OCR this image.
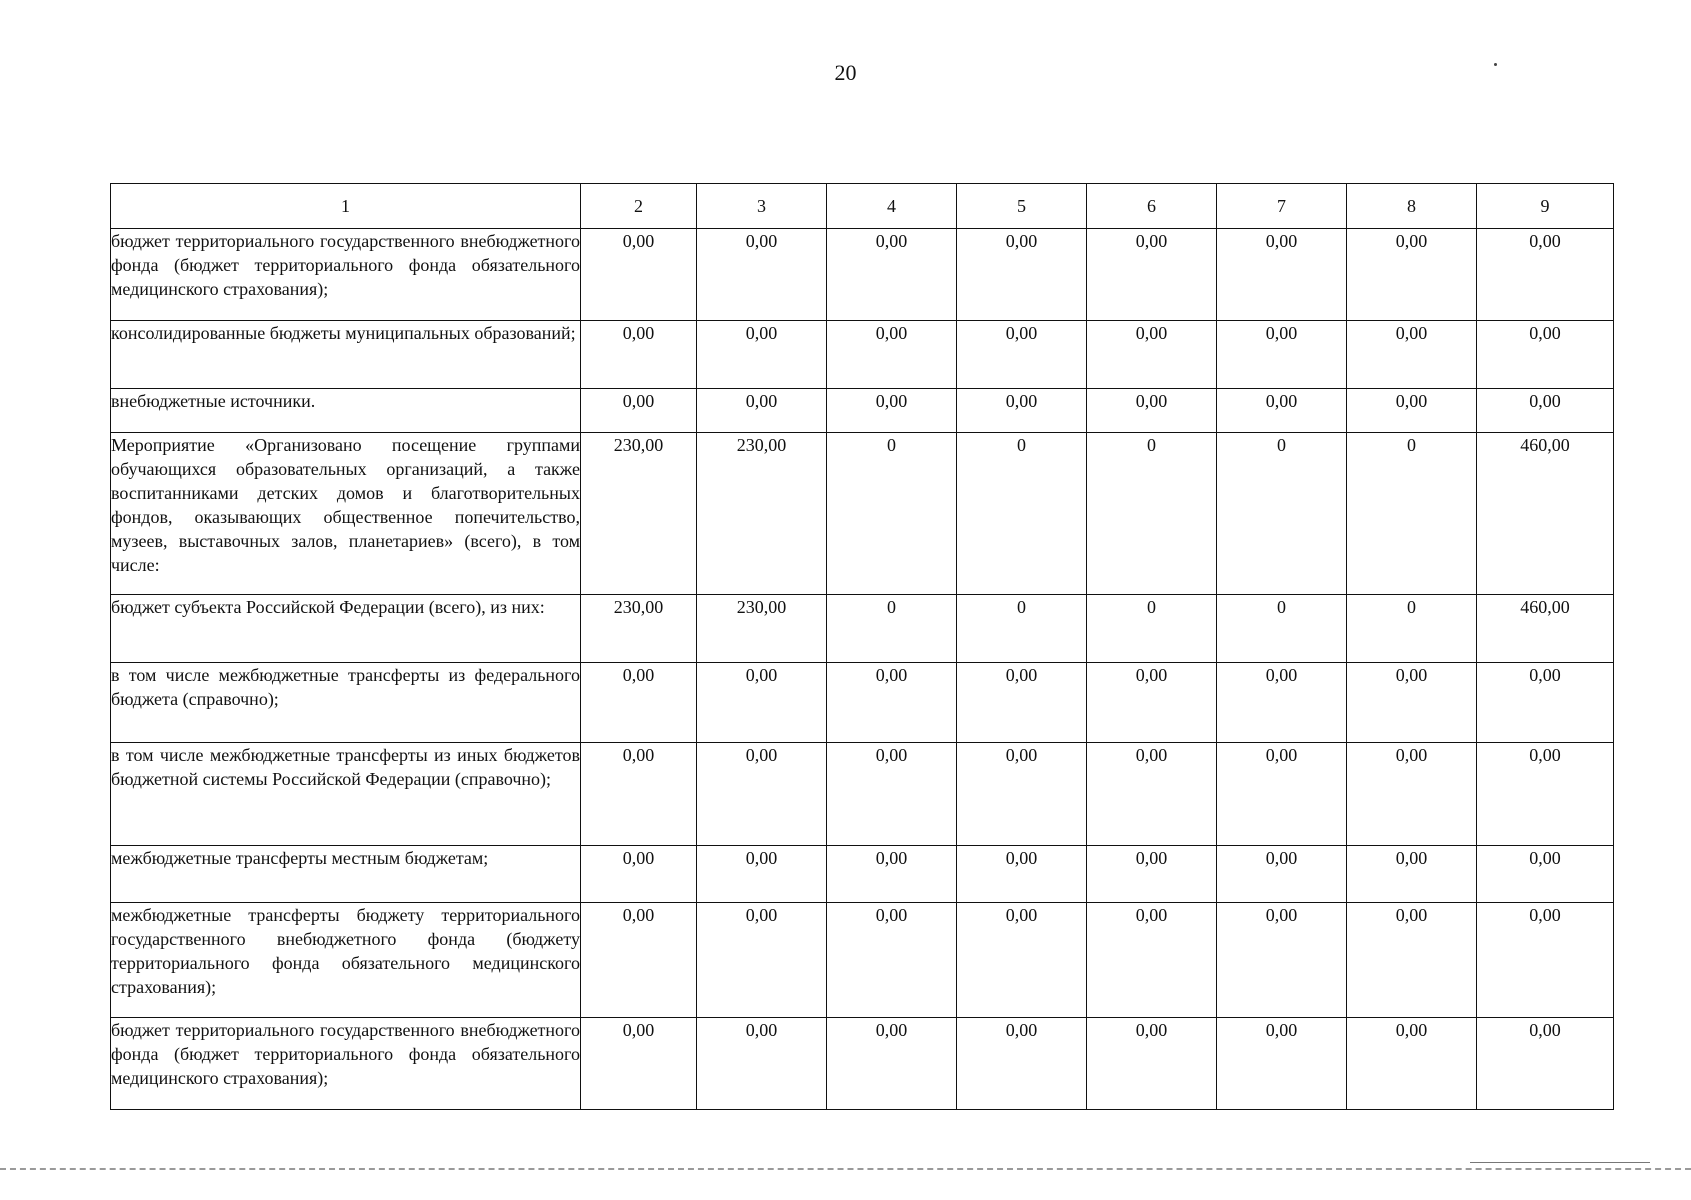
20
1	2	3	4	5	6	7	8	9
бюджет территориального государственного внебюджетного фонда (бюджет территориального фонда обязательного медицинского страхования);	0,00	0,00	0,00	0,00	0,00	0,00	0,00	0,00
консолидированные бюджеты муниципальных образований;	0,00	0,00	0,00	0,00	0,00	0,00	0,00	0,00
внебюджетные источники.	0,00	0,00	0,00	0,00	0,00	0,00	0,00	0,00
Мероприятие «Организовано посещение группами обучающихся образовательных организаций, а также воспитанниками детских домов и благотворительных фондов, оказывающих общественное попечительство, музеев, выставочных залов, планетариев» (всего), в том числе:	230,00	230,00	0	0	0	0	0	460,00
бюджет субъекта Российской Федерации (всего), из них:	230,00	230,00	0	0	0	0	0	460,00
в том числе межбюджетные трансферты из федерального бюджета (справочно);	0,00	0,00	0,00	0,00	0,00	0,00	0,00	0,00
в том числе межбюджетные трансферты из иных бюджетов бюджетной системы Российской Федерации (справочно);	0,00	0,00	0,00	0,00	0,00	0,00	0,00	0,00
межбюджетные трансферты местным бюджетам;	0,00	0,00	0,00	0,00	0,00	0,00	0,00	0,00
межбюджетные трансферты бюджету территориального государственного внебюджетного фонда (бюджету территориального фонда обязательного медицинского страхования);	0,00	0,00	0,00	0,00	0,00	0,00	0,00	0,00
бюджет территориального государственного внебюджетного фонда (бюджет территориального фонда обязательного медицинского страхования);	0,00	0,00	0,00	0,00	0,00	0,00	0,00	0,00
